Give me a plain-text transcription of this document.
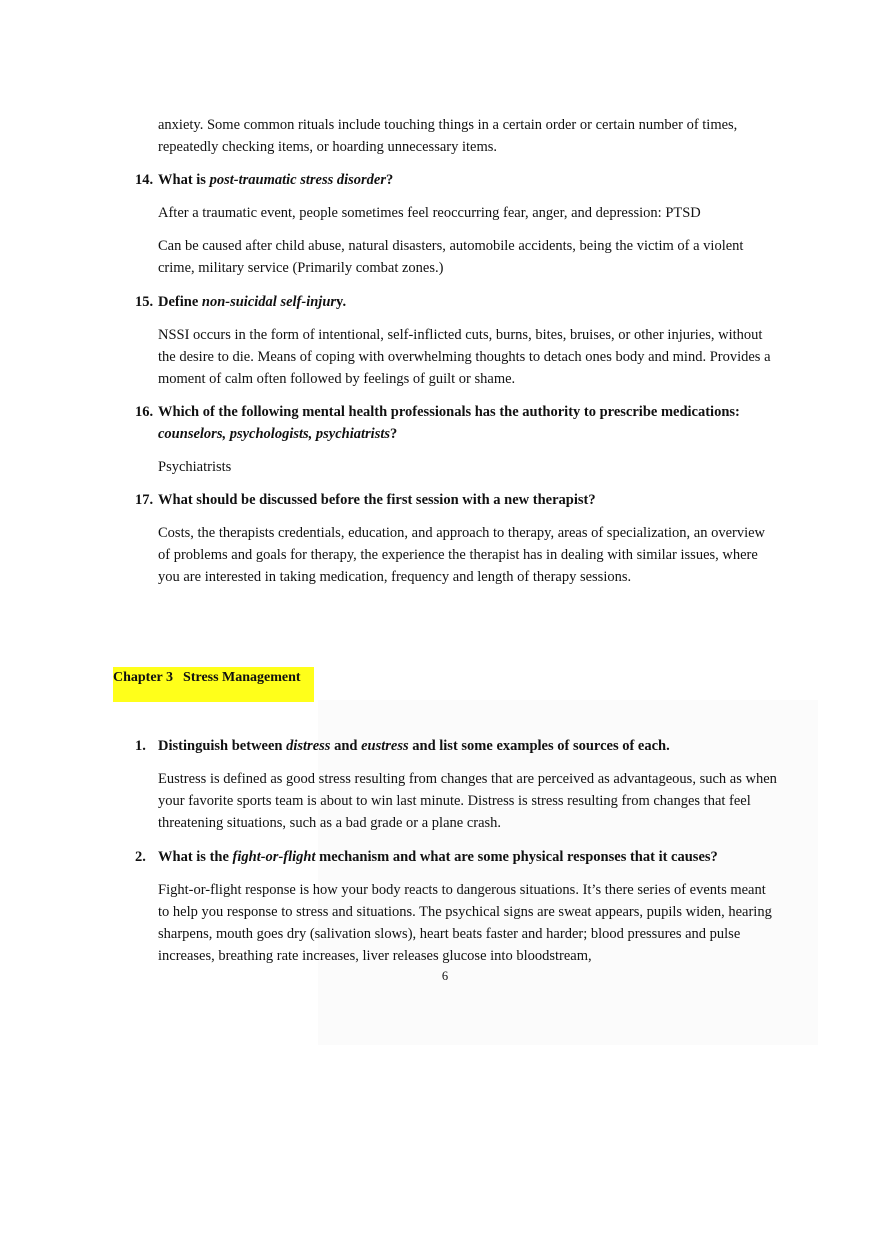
anxiety. Some common rituals include touching things in a certain order or certain number of times, repeatedly checking items, or hoarding unnecessary items.
14. What is post-traumatic stress disorder?
After a traumatic event, people sometimes feel reoccurring fear, anger, and depression: PTSD
Can be caused after child abuse, natural disasters, automobile accidents, being the victim of a violent crime, military service (Primarily combat zones.)
15. Define non-suicidal self-injury.
NSSI occurs in the form of intentional, self-inflicted cuts, burns, bites, bruises, or other injuries, without the desire to die. Means of coping with overwhelming thoughts to detach ones body and mind. Provides a moment of calm often followed by feelings of guilt or shame.
16. Which of the following mental health professionals has the authority to prescribe medications:
counselors, psychologists, psychiatrists?
Psychiatrists
17. What should be discussed before the first session with a new therapist?
Costs, the therapists credentials, education, and approach to therapy, areas of specialization, an overview of problems and goals for therapy, the experience the therapist has in dealing with similar issues, where you are interested in taking medication, frequency and length of therapy sessions.
Chapter 3 Stress Management
1. Distinguish between distress and eustress and list some examples of sources of each.
Eustress is defined as good stress resulting from changes that are perceived as advantageous, such as when your favorite sports team is about to win last minute. Distress is stress resulting from changes that feel threatening situations, such as a bad grade or a plane crash.
2. What is the fight-or-flight mechanism and what are some physical responses that it causes?
Fight-or-flight response is how your body reacts to dangerous situations. It’s there series of events meant to help you response to stress and situations. The psychical signs are sweat appears, pupils widen, hearing sharpens, mouth goes dry (salivation slows), heart beats faster and harder; blood pressures and pulse increases, breathing rate increases, liver releases glucose into bloodstream,
6
